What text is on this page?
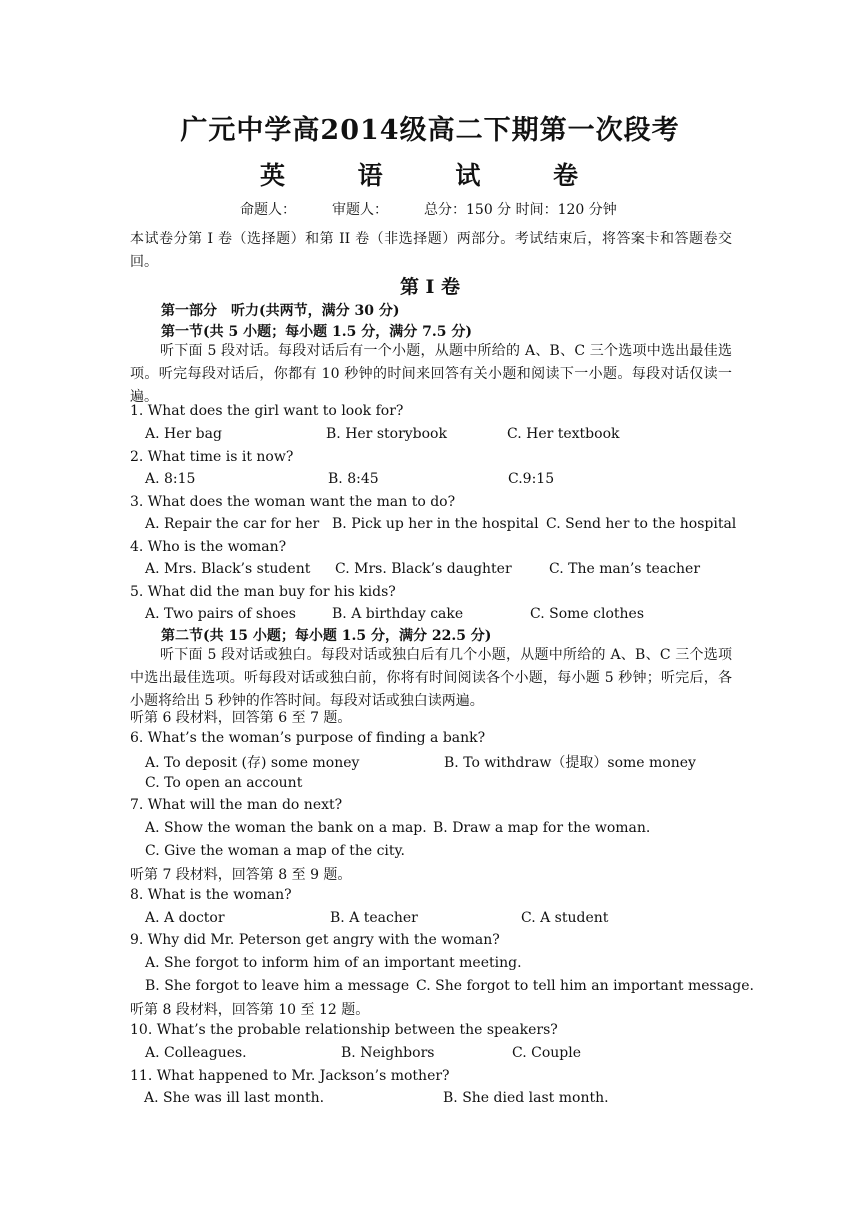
广元中学高2014级高二下期第一次段考
英 语 试 卷
命题人：	审题人：	总分：150 分 时间：120 分钟
本试卷分第 I 卷（选择题）和第 II 卷（非选择题）两部分。考试结束后，将答案卡和答题卷交回。
第 I 卷
第一部分　听力(共两节，满分 30 分)
第一节(共 5 小题；每小题 1.5 分，满分 7.5 分)
听下面 5 段对话。每段对话后有一个小题，从题中所给的 A、B、C 三个选项中选出最佳选项。听完每段对话后，你都有 10 秒钟的时间来回答有关小题和阅读下一小题。每段对话仅读一遍。
1. What does the girl want to look for?
A. Her bag	B. Her storybook	C. Her textbook
2. What time is it now?
A. 8:15	B. 8:45	C.9:15
3. What does the woman want the man to do?
A. Repair the car for her B. Pick up her in the hospital C. Send her to the hospital
4. Who is the woman?
A. Mrs. Black’s student C. Mrs. Black’s daughter	C. The man’s teacher
5. What did the man buy for his kids?
A. Two pairs of shoes	B. A birthday cake	C. Some clothes
第二节(共 15 小题；每小题 1.5 分，满分 22.5 分)
听下面 5 段对话或独白。每段对话或独白后有几个小题，从题中所给的 A、B、C 三个选项中选出最佳选项。听每段对话或独白前，你将有时间阅读各个小题，每小题 5 秒钟；听完后，各小题将给出 5 秒钟的作答时间。每段对话或独白读两遍。
听第 6 段材料，回答第 6 至 7 题。
6. What’s the woman’s purpose of finding a bank?
A. To deposit (存) some money	B. To withdraw（提取）some money
C. To open an account
7. What will the man do next?
A. Show the woman the bank on a map. B. Draw a map for the woman.
C. Give the woman a map of the city.
听第 7 段材料，回答第 8 至 9 题。
8. What is the woman?
A. A doctor	B. A teacher	C. A student
9. Why did Mr. Peterson get angry with the woman?
A. She forgot to inform him of an important meeting.
B. She forgot to leave him a message C. She forgot to tell him an important message.
听第 8 段材料，回答第 10 至 12 题。
10. What’s the probable relationship between the speakers?
A. Colleagues.	B. Neighbors	C. Couple
11. What happened to Mr. Jackson’s mother?
A. She was ill last month.	B. She died last month.
